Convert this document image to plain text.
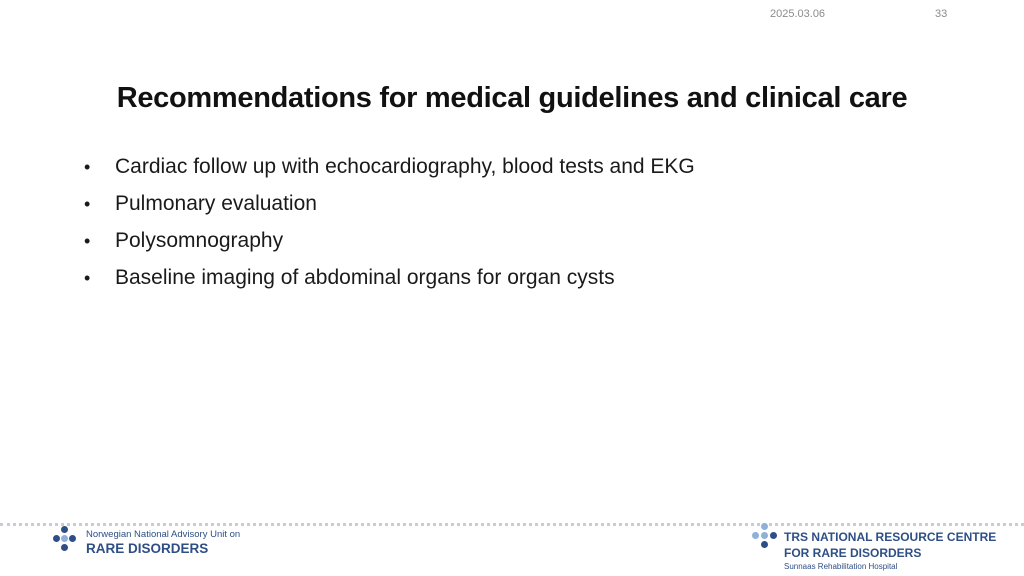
2025.03.06	33
Recommendations for medical guidelines and clinical care
•	Cardiac follow up with echocardiography, blood tests and EKG
•	Pulmonary evaluation
•	Polysomnography
•	Baseline imaging of abdominal organs for organ cysts
Norwegian National Advisory Unit on
RARE DISORDERS
TRS NATIONAL RESOURCE CENTRE
FOR RARE DISORDERS
Sunnaas Rehabilitation Hospital
